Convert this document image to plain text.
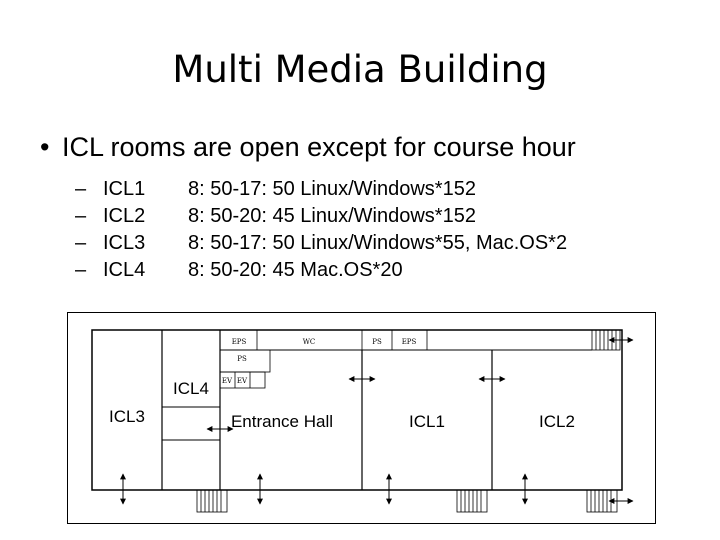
Multi Media Building
• ICL rooms are open except for course hour
– ICL1 8: 50-17: 50 Linux/Windows*152
– ICL2 8: 50-20: 45 Linux/Windows*152
– ICL3 8: 50-17: 50 Linux/Windows*55, Mac.OS*2
– ICL4 8: 50-20: 45 Mac.OS*20
EPS	WC	PS	EPS
PS
EV EV
ICL3
ICL4
Entrance Hall	ICL1	ICL2
